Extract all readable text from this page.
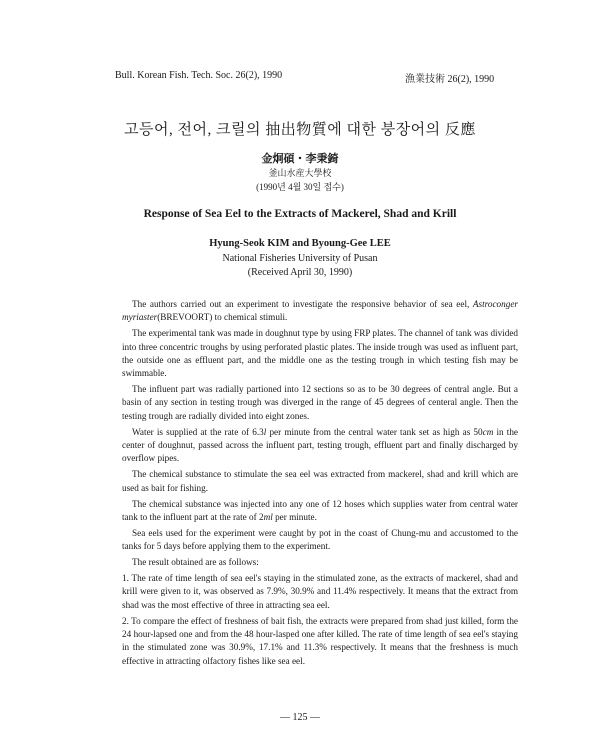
Bull. Korean Fish. Tech. Soc. 26(2), 1990	漁業技術 26(2), 1990
고등어, 전어, 크릴의 抽出物質에 대한 붕장어의 反應
金炯碩・李秉錡
釜山水産大學校
(1990년 4월 30일 접수)
Response of Sea Eel to the Extracts of Mackerel, Shad and Krill
Hyung-Seok KIM and Byoung-Gee LEE
National Fisheries University of Pusan
(Received April 30, 1990)

The authors carried out an experiment to investigate the responsive behavior of sea eel, Astroconger myriaster(BREVOORT) to chemical stimuli.

The experimental tank was made in doughnut type by using FRP plates. The channel of tank was divided into three concentric troughs by using perforated plastic plates. The inside trough was used as influent part, the outside one as effluent part, and the middle one as the testing trough in which testing fish may be swimmable.

The influent part was radially partioned into 12 sections so as to be 30 degrees of central angle. But a basin of any section in testing trough was diverged in the range of 45 degrees of centeral angle. Then the testing trough are radially divided into eight zones.

Water is supplied at the rate of 6.3l per minute from the central water tank set as high as 50cm in the center of doughnut, passed across the influent part, testing trough, effluent part and finally discharged by overflow pipes.

The chemical substance to stimulate the sea eel was extracted from mackerel, shad and krill which are used as bait for fishing.

The chemical substance was injected into any one of 12 hoses which supplies water from central water tank to the influent part at the rate of 2ml per minute.

Sea eels used for the experiment were caught by pot in the coast of Chung-mu and accustomed to the tanks for 5 days before applying them to the experiment.

The result obtained are as follows:

1. The rate of time length of sea eel's staying in the stimulated zone, as the extracts of mackerel, shad and krill were given to it, was observed as 7.9%, 30.9% and 11.4% respectively. It means that the extract from shad was the most effective of three in attracting sea eel.

2. To compare the effect of freshness of bait fish, the extracts were prepared from shad just killed, form the 24 hour-lapsed one and from the 48 hour-lasped one after killed. The rate of time length of sea eel's staying in the stimulated zone was 30.9%, 17.1% and 11.3% respectively. It means that the freshness is much effective in attracting olfactory fishes like sea eel.

— 125 —
